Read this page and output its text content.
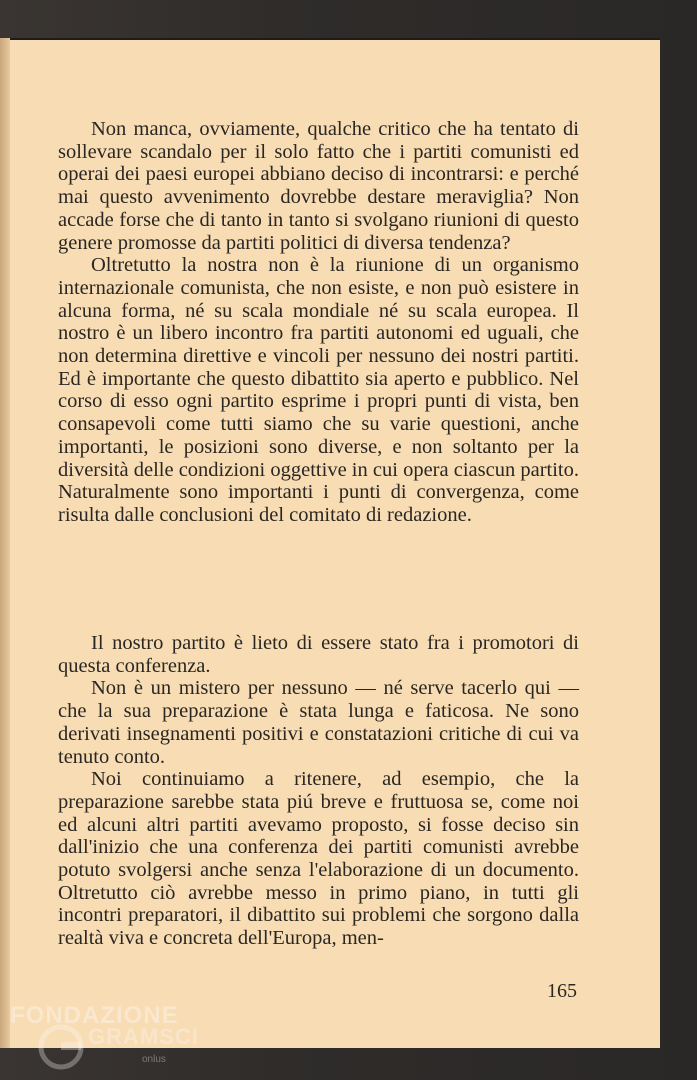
Non manca, ovviamente, qualche critico che ha tentato di sollevare scandalo per il solo fatto che i partiti comunisti ed operai dei paesi europei abbiano deciso di incontrarsi: e perché mai questo avvenimento dovrebbe destare meraviglia? Non accade forse che di tanto in tanto si svolgano riunioni di questo genere promosse da partiti politici di diversa tendenza?

Oltretutto la nostra non è la riunione di un organismo internazionale comunista, che non esiste, e non può esistere in alcuna forma, né su scala mondiale né su scala europea. Il nostro è un libero incontro fra partiti autonomi ed uguali, che non determina direttive e vincoli per nessuno dei nostri partiti. Ed è importante che questo dibattito sia aperto e pubblico. Nel corso di esso ogni partito esprime i propri punti di vista, ben consapevoli come tutti siamo che su varie questioni, anche importanti, le posizioni sono diverse, e non soltanto per la diversità delle condizioni oggettive in cui opera ciascun partito. Naturalmente sono importanti i punti di convergenza, come risulta dalle conclusioni del comitato di redazione.

Il nostro partito è lieto di essere stato fra i promotori di questa conferenza.

Non è un mistero per nessuno — né serve tacerlo qui — che la sua preparazione è stata lunga e faticosa. Ne sono derivati insegnamenti positivi e constatazioni critiche di cui va tenuto conto.

Noi continuiamo a ritenere, ad esempio, che la preparazione sarebbe stata piú breve e fruttuosa se, come noi ed alcuni altri partiti avevamo proposto, si fosse deciso sin dall'inizio che una conferenza dei partiti comunisti avrebbe potuto svolgersi anche senza l'elaborazione di un documento. Oltretutto ciò avrebbe messo in primo piano, in tutti gli incontri preparatori, il dibattito sui problemi che sorgono dalla realtà viva e concreta dell'Europa, men-

165
FONDAZIONE
GRAMSCI
onlus
